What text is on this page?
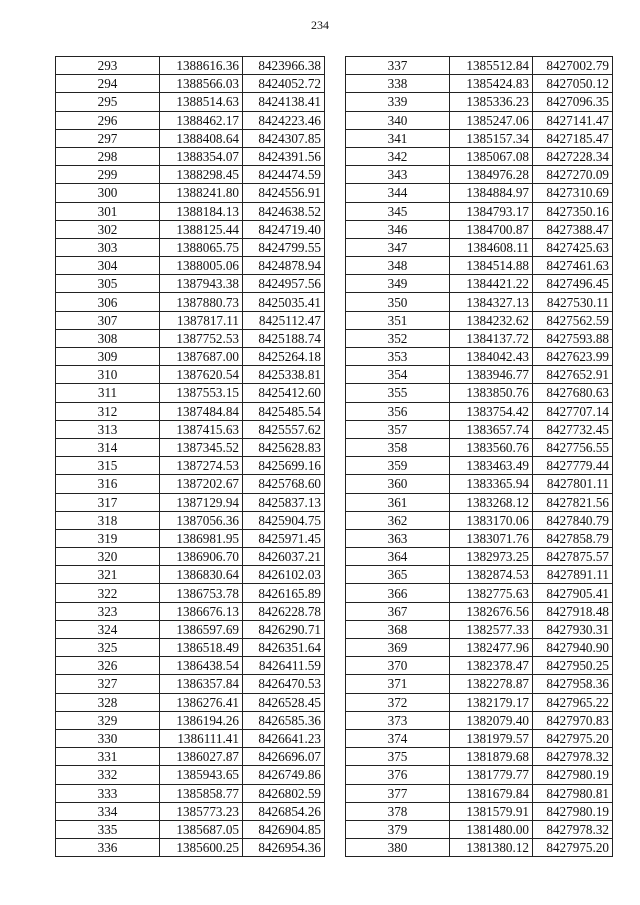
234
293	1388616.36	8423966.38
294	1388566.03	8424052.72
295	1388514.63	8424138.41
296	1388462.17	8424223.46
297	1388408.64	8424307.85
298	1388354.07	8424391.56
299	1388298.45	8424474.59
300	1388241.80	8424556.91
301	1388184.13	8424638.52
302	1388125.44	8424719.40
303	1388065.75	8424799.55
304	1388005.06	8424878.94
305	1387943.38	8424957.56
306	1387880.73	8425035.41
307	1387817.11	8425112.47
308	1387752.53	8425188.74
309	1387687.00	8425264.18
310	1387620.54	8425338.81
311	1387553.15	8425412.60
312	1387484.84	8425485.54
313	1387415.63	8425557.62
314	1387345.52	8425628.83
315	1387274.53	8425699.16
316	1387202.67	8425768.60
317	1387129.94	8425837.13
318	1387056.36	8425904.75
319	1386981.95	8425971.45
320	1386906.70	8426037.21
321	1386830.64	8426102.03
322	1386753.78	8426165.89
323	1386676.13	8426228.78
324	1386597.69	8426290.71
325	1386518.49	8426351.64
326	1386438.54	8426411.59
327	1386357.84	8426470.53
328	1386276.41	8426528.45
329	1386194.26	8426585.36
330	1386111.41	8426641.23
331	1386027.87	8426696.07
332	1385943.65	8426749.86
333	1385858.77	8426802.59
334	1385773.23	8426854.26
335	1385687.05	8426904.85
336	1385600.25	8426954.36
337	1385512.84	8427002.79
338	1385424.83	8427050.12
339	1385336.23	8427096.35
340	1385247.06	8427141.47
341	1385157.34	8427185.47
342	1385067.08	8427228.34
343	1384976.28	8427270.09
344	1384884.97	8427310.69
345	1384793.17	8427350.16
346	1384700.87	8427388.47
347	1384608.11	8427425.63
348	1384514.88	8427461.63
349	1384421.22	8427496.45
350	1384327.13	8427530.11
351	1384232.62	8427562.59
352	1384137.72	8427593.88
353	1384042.43	8427623.99
354	1383946.77	8427652.91
355	1383850.76	8427680.63
356	1383754.42	8427707.14
357	1383657.74	8427732.45
358	1383560.76	8427756.55
359	1383463.49	8427779.44
360	1383365.94	8427801.11
361	1383268.12	8427821.56
362	1383170.06	8427840.79
363	1383071.76	8427858.79
364	1382973.25	8427875.57
365	1382874.53	8427891.11
366	1382775.63	8427905.41
367	1382676.56	8427918.48
368	1382577.33	8427930.31
369	1382477.96	8427940.90
370	1382378.47	8427950.25
371	1382278.87	8427958.36
372	1382179.17	8427965.22
373	1382079.40	8427970.83
374	1381979.57	8427975.20
375	1381879.68	8427978.32
376	1381779.77	8427980.19
377	1381679.84	8427980.81
378	1381579.91	8427980.19
379	1381480.00	8427978.32
380	1381380.12	8427975.20
